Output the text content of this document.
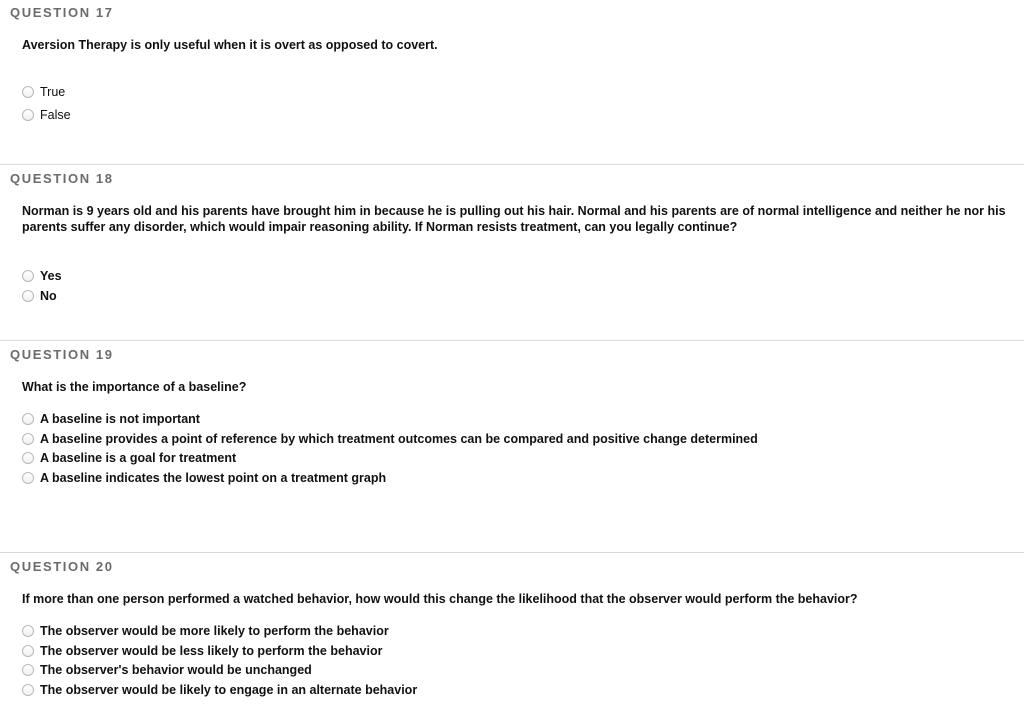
QUESTION 17
Aversion Therapy is only useful when it is overt as opposed to covert.
True
False
QUESTION 18
Norman is 9 years old and his parents have brought him in because he is pulling out his hair. Normal and his parents are of normal intelligence and neither he nor his parents suffer any disorder, which would impair reasoning ability. If Norman resists treatment, can you legally continue?
Yes
No
QUESTION 19
What is the importance of a baseline?
A baseline is not important
A baseline provides a point of reference by which treatment outcomes can be compared and positive change determined
A baseline is a goal for treatment
A baseline indicates the lowest point on a treatment graph
QUESTION 20
If more than one person performed a watched behavior, how would this change the likelihood that the observer would perform the behavior?
The observer would be more likely to perform the behavior
The observer would be less likely to perform the behavior
The observer's behavior would be unchanged
The observer would be likely to engage in an alternate behavior
